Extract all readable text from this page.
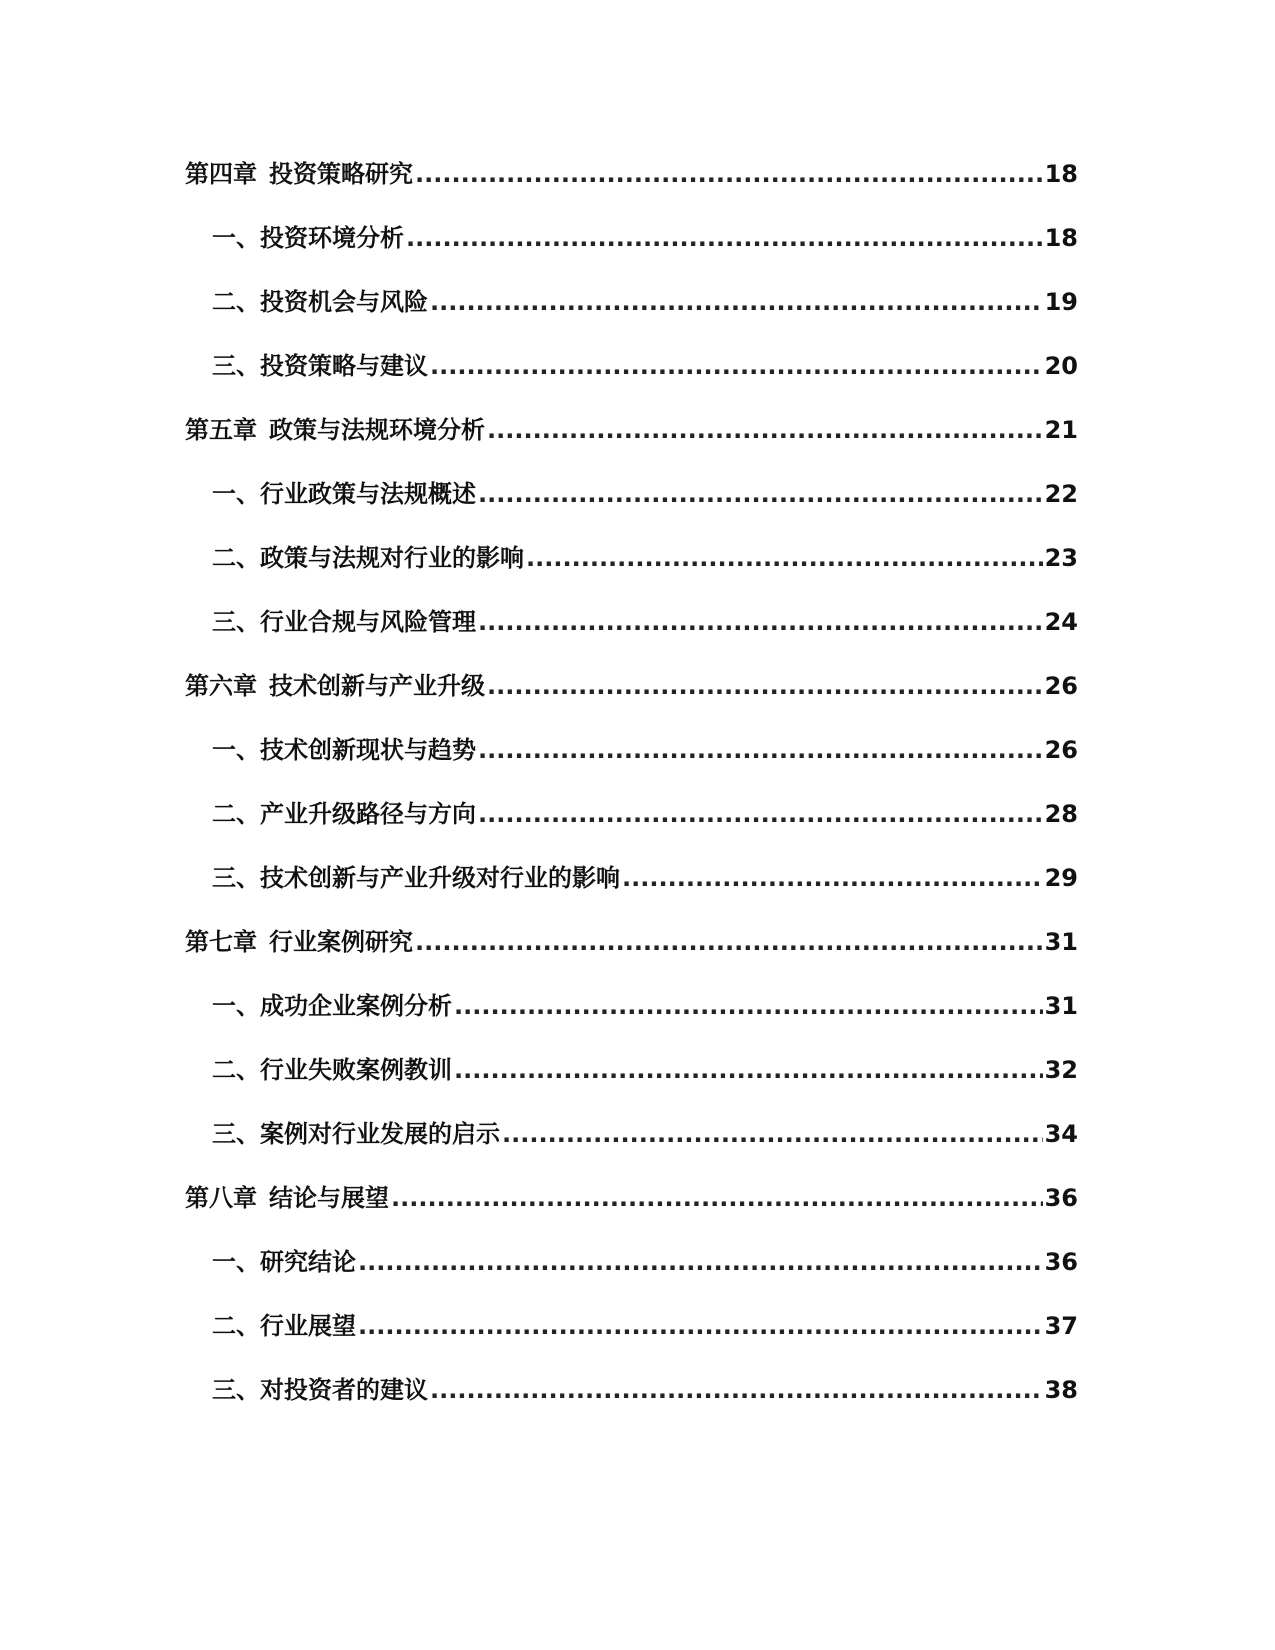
第四章 投资策略研究 .....	18
一、 投资环境分析 .....	18
二、 投资机会与风险 .....	19
三、 投资策略与建议 .....	20
第五章 政策与法规环境分析 .....	21
一、 行业政策与法规概述 .....	22
二、 政策与法规对行业的影响 .....	23
三、 行业合规与风险管理 .....	24
第六章 技术创新与产业升级 .....	26
一、 技术创新现状与趋势 .....	26
二、 产业升级路径与方向 .....	28
三、 技术创新与产业升级对行业的影响 .....	29
第七章 行业案例研究 .....	31
一、 成功企业案例分析 .....	31
二、 行业失败案例教训 .....	32
三、 案例对行业发展的启示 .....	34
第八章 结论与展望 .....	36
一、 研究结论 .....	36
二、 行业展望 .....	37
三、 对投资者的建议 .....	38
